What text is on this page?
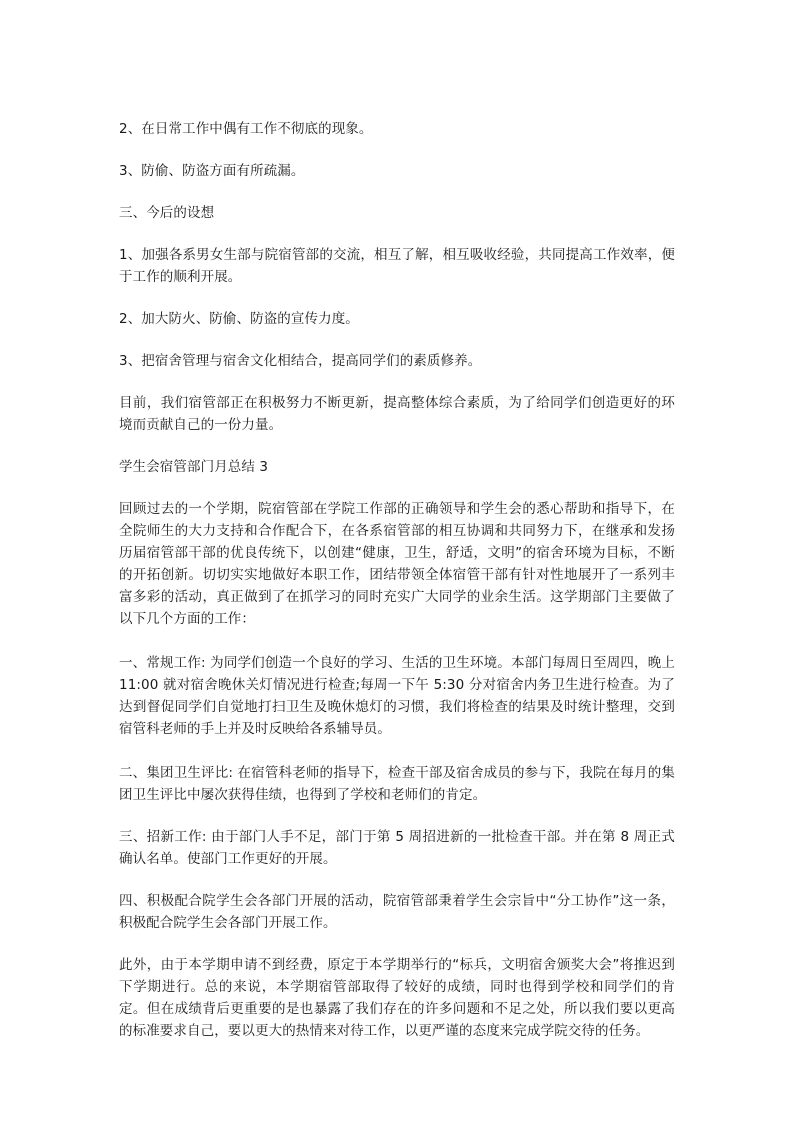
2、在日常工作中偶有工作不彻底的现象。

3、防偷、防盗方面有所疏漏。

三、今后的设想

1、加强各系男女生部与院宿管部的交流，相互了解，相互吸收经验，共同提高工作效率，便于工作的顺利开展。

2、加大防火、防偷、防盗的宣传力度。

3、把宿舍管理与宿舍文化相结合，提高同学们的素质修养。

目前，我们宿管部正在积极努力不断更新，提高整体综合素质，为了给同学们创造更好的环境而贡献自己的一份力量。

学生会宿管部门月总结 3

回顾过去的一个学期，院宿管部在学院工作部的正确领导和学生会的悉心帮助和指导下，在全院师生的大力支持和合作配合下，在各系宿管部的相互协调和共同努力下，在继承和发扬历届宿管部干部的优良传统下，以创建“健康，卫生，舒适，文明”的宿舍环境为目标，不断的开拓创新。切切实实地做好本职工作，团结带领全体宿管干部有针对性地展开了一系列丰富多彩的活动，真正做到了在抓学习的同时充实广大同学的业余生活。这学期部门主要做了以下几个方面的工作：

一、常规工作: 为同学们创造一个良好的学习、生活的卫生环境。本部门每周日至周四，晚上 11:00 就对宿舍晚休关灯情况进行检查;每周一下午 5:30 分对宿舍内务卫生进行检查。为了达到督促同学们自觉地打扫卫生及晚休熄灯的习惯，我们将检查的结果及时统计整理，交到宿管科老师的手上并及时反映给各系辅导员。

二、集团卫生评比: 在宿管科老师的指导下，检查干部及宿舍成员的参与下，我院在每月的集团卫生评比中屡次获得佳绩，也得到了学校和老师们的肯定。

三、招新工作: 由于部门人手不足，部门于第 5 周招进新的一批检查干部。并在第 8 周正式确认名单。使部门工作更好的开展。

四、积极配合院学生会各部门开展的活动，院宿管部秉着学生会宗旨中“分工协作”这一条，积极配合院学生会各部门开展工作。

此外，由于本学期申请不到经费，原定于本学期举行的“标兵，文明宿舍颁奖大会”将推迟到下学期进行。总的来说，本学期宿管部取得了较好的成绩，同时也得到学校和同学们的肯定。但在成绩背后更重要的是也暴露了我们存在的许多问题和不足之处，所以我们要以更高的标准要求自己，要以更大的热情来对待工作，以更严谨的态度来完成学院交待的任务。
